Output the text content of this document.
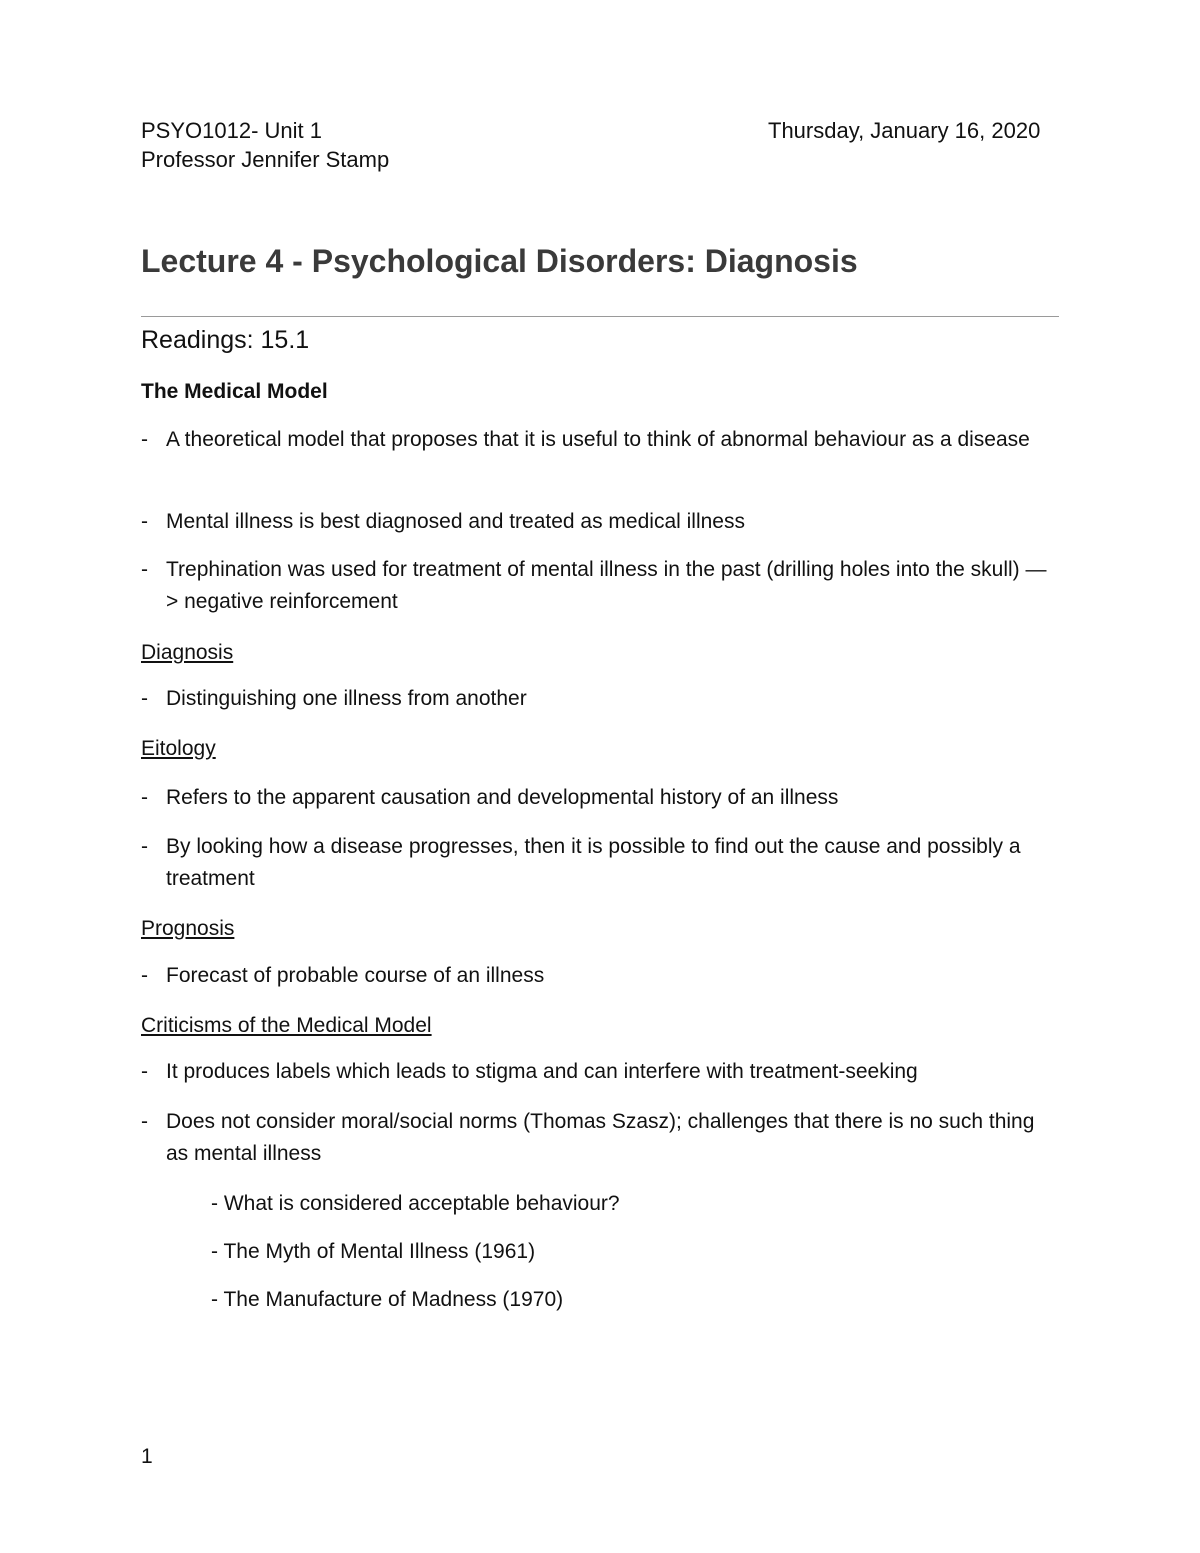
PSYO1012- Unit 1
Professor Jennifer Stamp
Thursday, January 16, 2020
Lecture 4 - Psychological Disorders: Diagnosis
Readings: 15.1
The Medical Model
- A theoretical model that proposes that it is useful to think of abnormal behaviour as a disease
- Mental illness is best diagnosed and treated as medical illness
- Trephination was used for treatment of mental illness in the past (drilling holes into the skull) —> negative reinforcement
Diagnosis
- Distinguishing one illness from another
Eitology
- Refers to the apparent causation and developmental history of an illness
- By looking how a disease progresses, then it is possible to find out the cause and possibly a treatment
Prognosis
- Forecast of probable course of an illness
Criticisms of the Medical Model
- It produces labels which leads to stigma and can interfere with treatment-seeking
- Does not consider moral/social norms (Thomas Szasz); challenges that there is no such thing as mental illness
- What is considered acceptable behaviour?
- The Myth of Mental Illness (1961)
- The Manufacture of Madness (1970)
1
